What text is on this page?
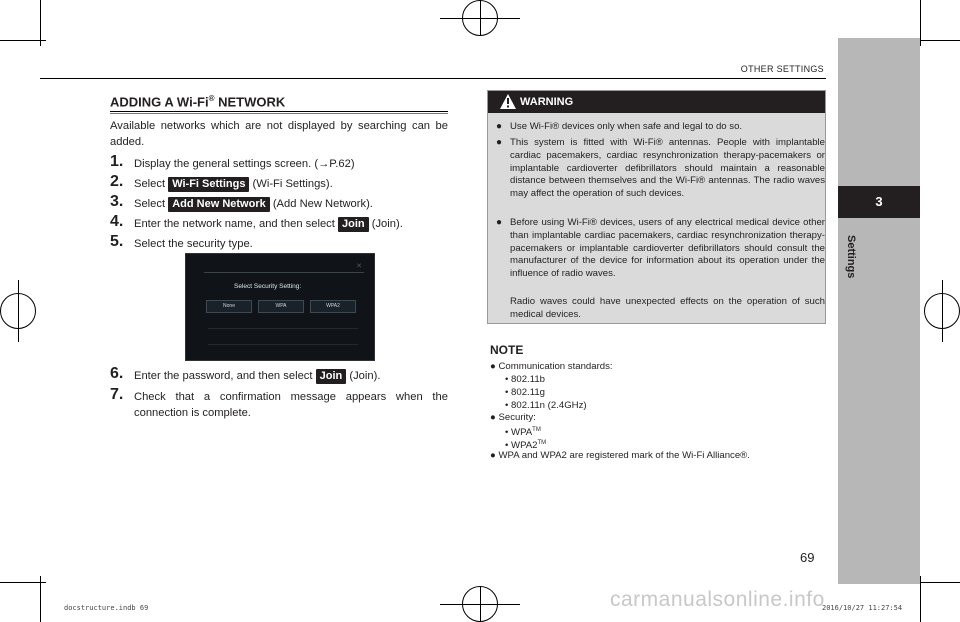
OTHER SETTINGS
3
Settings
ADDING A Wi-Fi® NETWORK
Available networks which are not displayed by searching can be added.
1. Display the general settings screen. (→P.62)
2. Select Wi-Fi Settings (Wi-Fi Settings).
3. Select Add New Network (Add New Network).
4. Enter the network name, and then select Join (Join).
5. Select the security type.
✕
Select Security Setting:
None	WPA	WPA2
6. Enter the password, and then select Join (Join).
7. Check that a confirmation message appears when the connection is complete.
WARNING
● Use Wi-Fi® devices only when safe and legal to do so.
● This system is fitted with Wi-Fi® antennas. People with implantable cardiac pacemakers, cardiac resynchronization therapy-pacemakers or implantable cardioverter defibrillators should maintain a reasonable distance between themselves and the Wi-Fi® antennas. The radio waves may affect the operation of such devices.
● Before using Wi-Fi® devices, users of any electrical medical device other than implantable cardiac pacemakers, cardiac resynchronization therapy-pacemakers or implantable cardioverter defibrillators should consult the manufacturer of the device for information about its operation under the influence of radio waves.
Radio waves could have unexpected effects on the operation of such medical devices.
NOTE
● Communication standards:
• 802.11b
• 802.11g
• 802.11n (2.4GHz)
● Security:
• WPA™
• WPA2™
● WPA and WPA2 are registered mark of the Wi-Fi Alliance®.
69
carmanualsonline.info
docstructure.indb 69	2016/10/27 11:27:54
